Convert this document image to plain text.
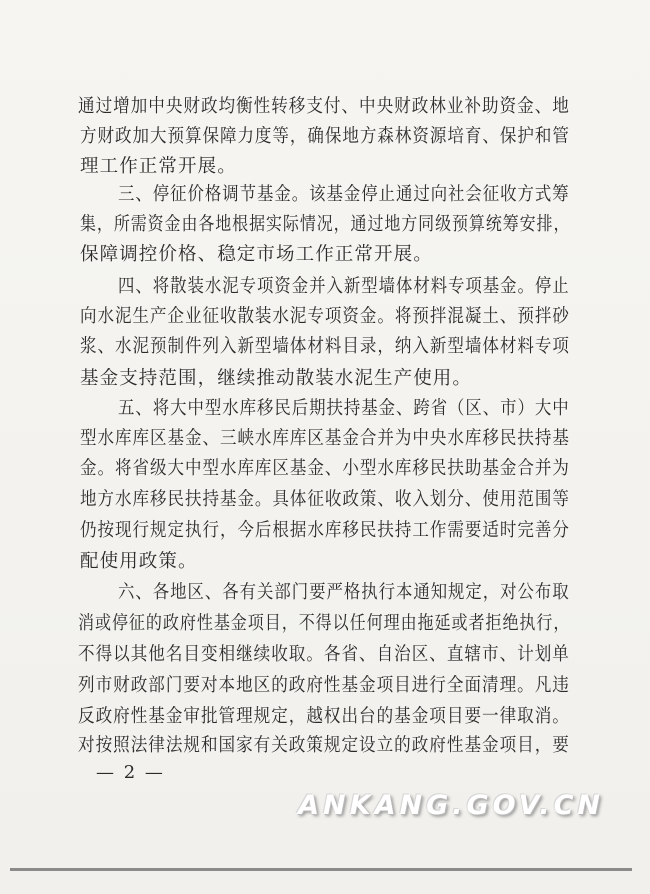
通过增加中央财政均衡性转移支付、中央财政林业补助资金、地
方财政加大预算保障力度等，确保地方森林资源培育、保护和管
理工作正常开展。
三、停征价格调节基金。该基金停止通过向社会征收方式筹
集，所需资金由各地根据实际情况，通过地方同级预算统筹安排，
保障调控价格、稳定市场工作正常开展。
四、将散装水泥专项资金并入新型墙体材料专项基金。停止
向水泥生产企业征收散装水泥专项资金。将预拌混凝土、预拌砂
浆、水泥预制件列入新型墙体材料目录，纳入新型墙体材料专项
基金支持范围，继续推动散装水泥生产使用。
五、将大中型水库移民后期扶持基金、跨省（区、市）大中
型水库库区基金、三峡水库库区基金合并为中央水库移民扶持基
金。将省级大中型水库库区基金、小型水库移民扶助基金合并为
地方水库移民扶持基金。具体征收政策、收入划分、使用范围等
仍按现行规定执行，今后根据水库移民扶持工作需要适时完善分
配使用政策。
六、各地区、各有关部门要严格执行本通知规定，对公布取
消或停征的政府性基金项目，不得以任何理由拖延或者拒绝执行，
不得以其他名目变相继续收取。各省、自治区、直辖市、计划单
列市财政部门要对本地区的政府性基金项目进行全面清理。凡违
反政府性基金审批管理规定，越权出台的基金项目要一律取消。
对按照法律法规和国家有关政策规定设立的政府性基金项目，要
— 2 —
ANKANG.GOV.CN
